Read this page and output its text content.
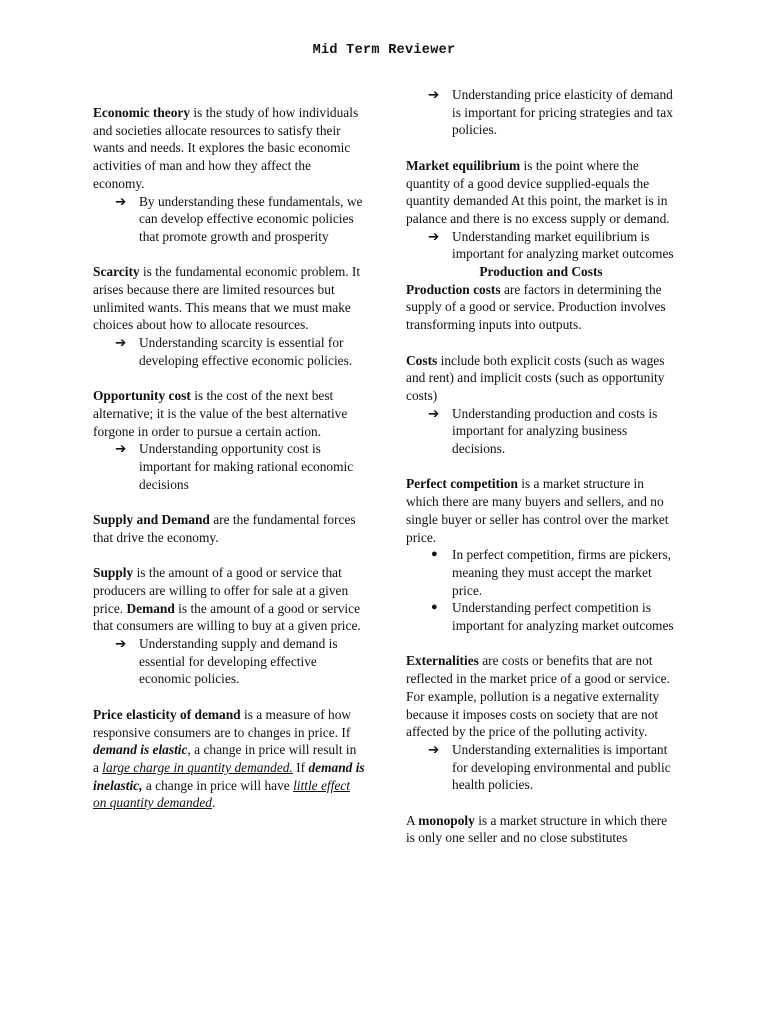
Mid Term Reviewer

Economic theory is the study of how individuals and societies allocate resources to satisfy their wants and needs. It explores the basic economic activities of man and how they affect the economy.

➔ By understanding these fundamentals, we can develop effective economic policies that promote growth and prosperity

Scarcity is the fundamental economic problem. It arises because there are limited resources but unlimited wants. This means that we must make choices about how to allocate resources.

➔ Understanding scarcity is essential for developing effective economic policies.

Opportunity cost is the cost of the next best alternative; it is the value of the best alternative forgone in order to pursue a certain action.

➔ Understanding opportunity cost is important for making rational economic decisions

Supply and Demand are the fundamental forces that drive the economy.

Supply is the amount of a good or service that producers are willing to offer for sale at a given price. Demand is the amount of a good or service that consumers are willing to buy at a given price.

➔ Understanding supply and demand is essential for developing effective economic policies.

Price elasticity of demand is a measure of how responsive consumers are to changes in price. If demand is elastic, a change in price will result in a large charge in quantity demanded. If demand is inelastic, a change in price will have little effect on quantity demanded.

➔ Understanding price elasticity of demand is important for pricing strategies and tax policies.

Market equilibrium is the point where the quantity of a good device supplied-equals the quantity demanded At this point, the market is in palance and there is no excess supply or demand.

➔ Understanding market equilibrium is important for analyzing market outcomes

Production and Costs

Production costs are factors in determining the supply of a good or service. Production involves transforming inputs into outputs.

Costs include both explicit costs (such as wages and rent) and implicit costs (such as opportunity costs)

➔ Understanding production and costs is important for analyzing business decisions.

Perfect competition is a market structure in which there are many buyers and sellers, and no single buyer or seller has control over the market price.

● In perfect competition, firms are pickers, meaning they must accept the market price.

● Understanding perfect competition is important for analyzing market outcomes

Externalities are costs or benefits that are not reflected in the market price of a good or service. For example, pollution is a negative externality because it imposes costs on society that are not affected by the price of the polluting activity.

➔ Understanding externalities is important for developing environmental and public health policies.

A monopoly is a market structure in which there is only one seller and no close substitutes
